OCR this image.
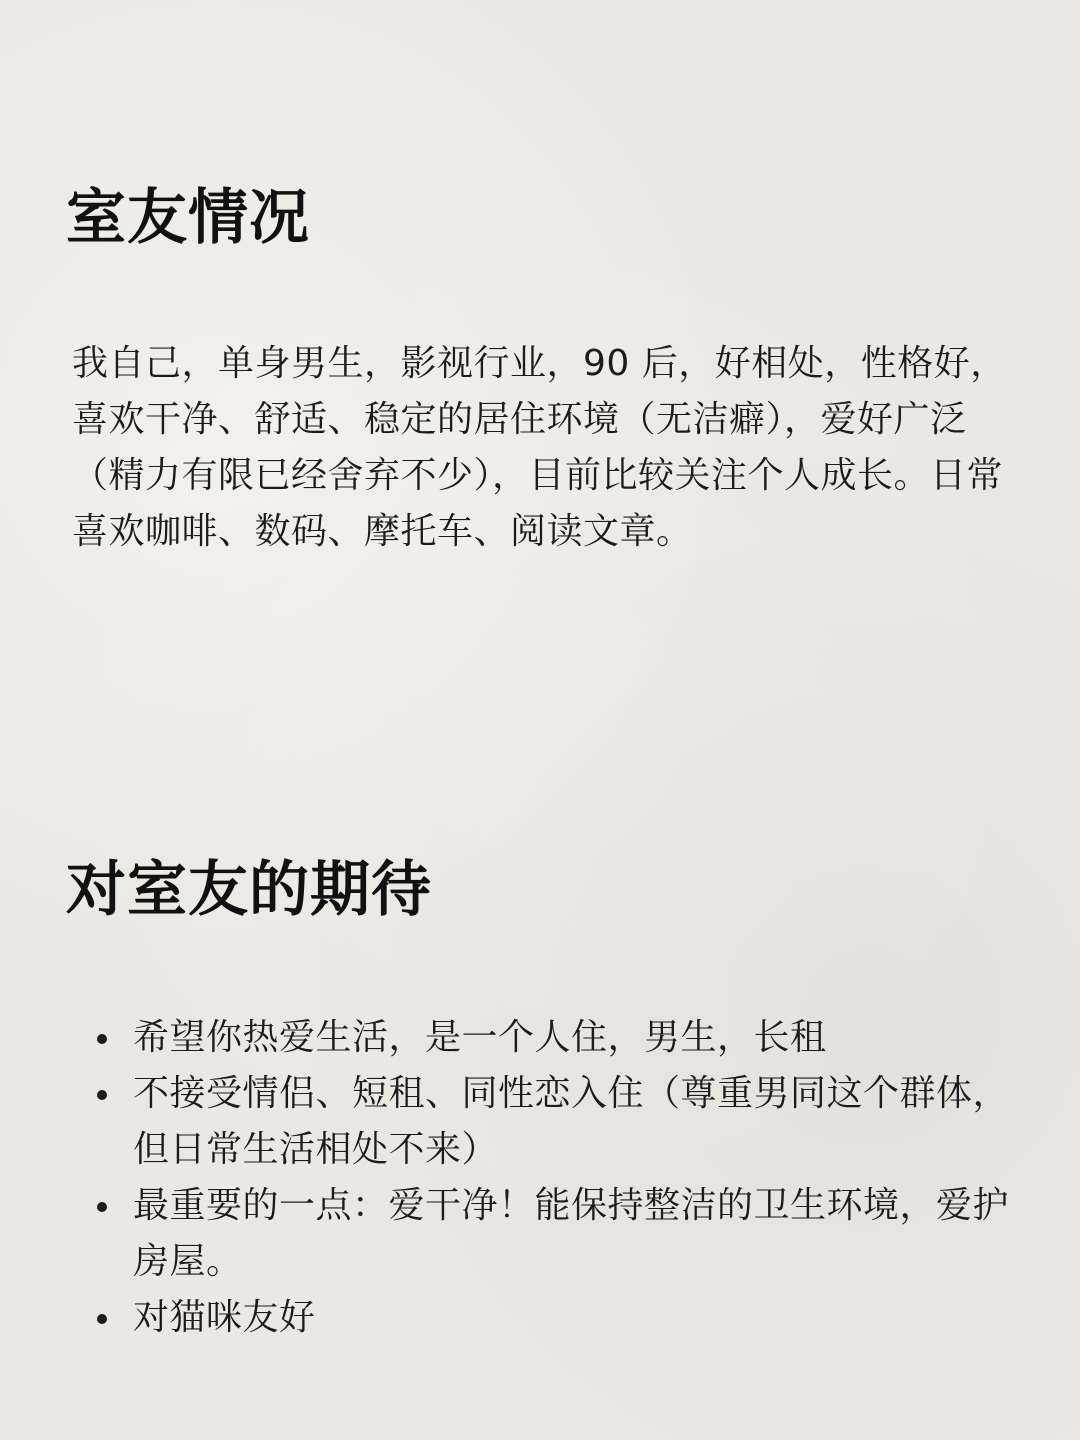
室友情况

我自己，单身男生，影视行业，90 后，好相处，性格好，喜欢干净、舒适、稳定的居住环境（无洁癖），爱好广泛（精力有限已经舍弃不少），目前比较关注个人成长。日常喜欢咖啡、数码、摩托车、阅读文章。

对室友的期待
希望你热爱生活，是一个人住，男生，长租
不接受情侣、短租、同性恋入住（尊重男同这个群体，但日常生活相处不来）
最重要的一点：爱干净！能保持整洁的卫生环境，爱护房屋。
对猫咪友好
